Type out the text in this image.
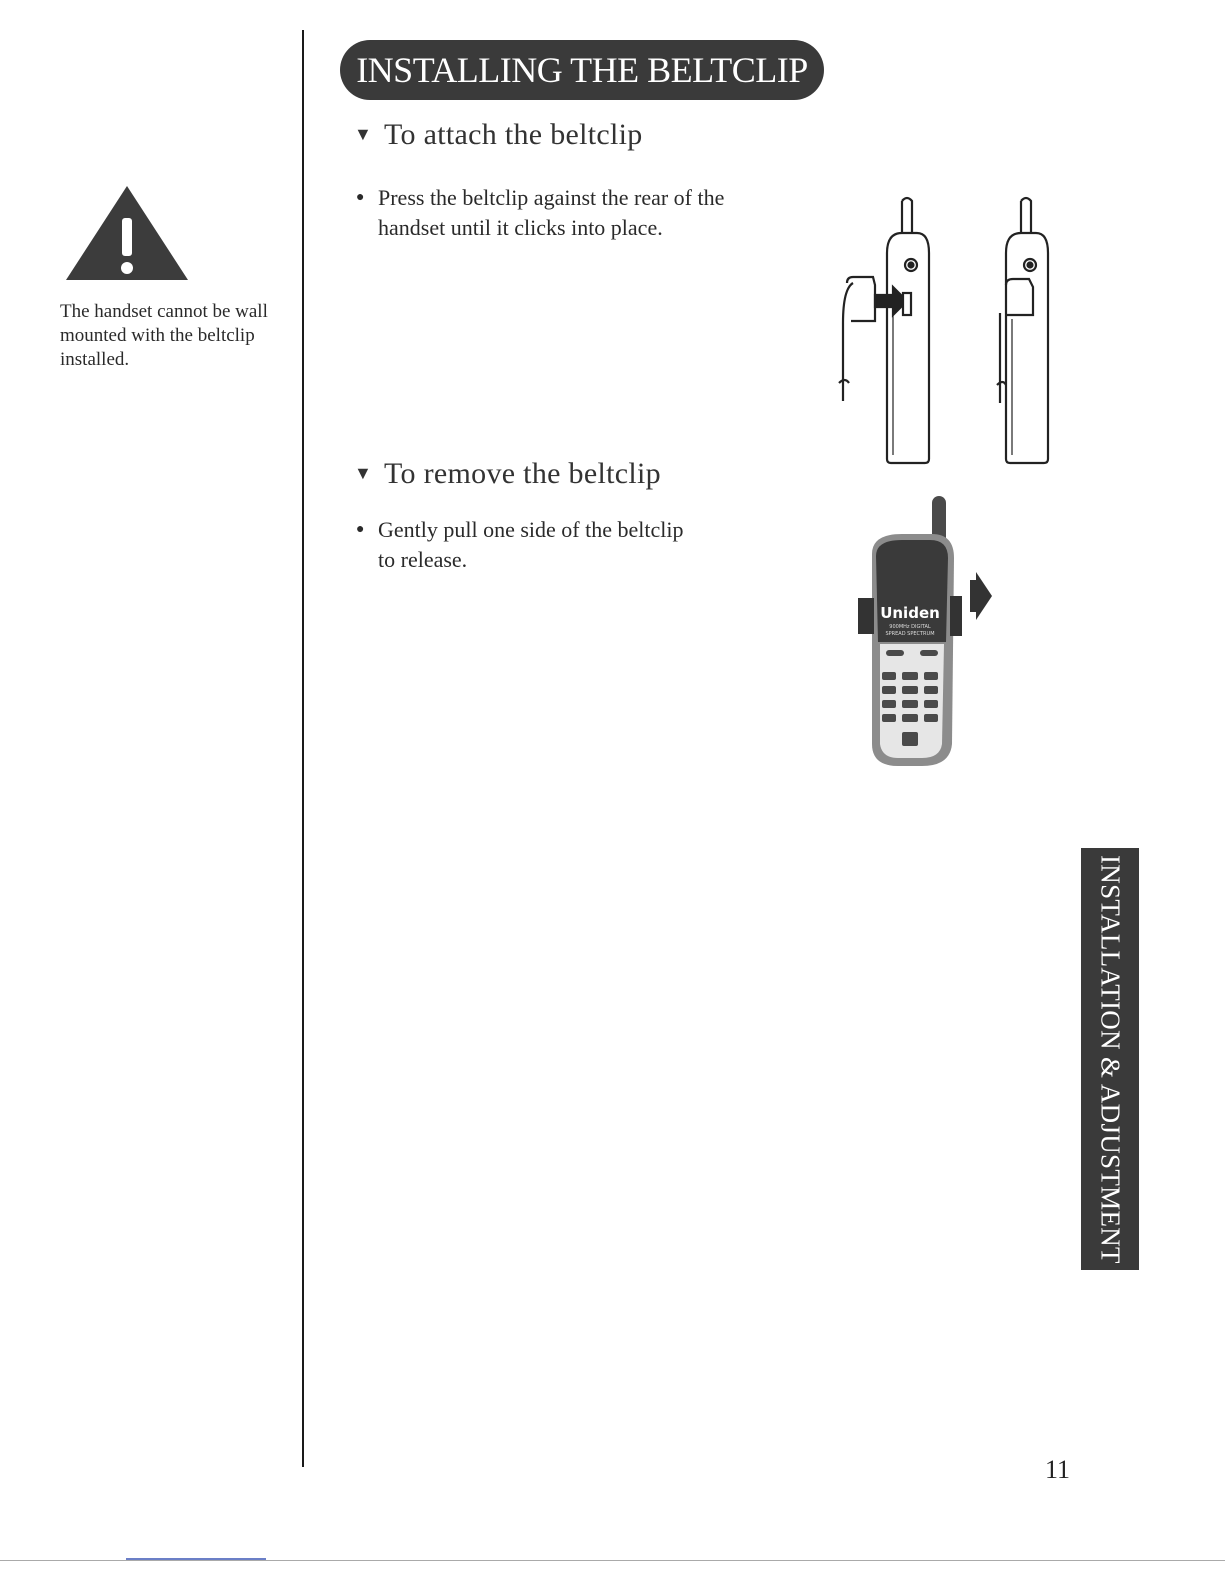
The handset cannot be wall mounted with the beltclip installed.
INSTALLING THE BELTCLIP
▼ To attach the beltclip
● Press the beltclip against the rear of the
handset until it clicks into place.
▼ To remove the beltclip
● Gently pull one side of the beltclip
to release.
Uniden
900MHz DIGITAL
SPREAD SPECTRUM
INSTALLATION & ADJUSTMENT
11
